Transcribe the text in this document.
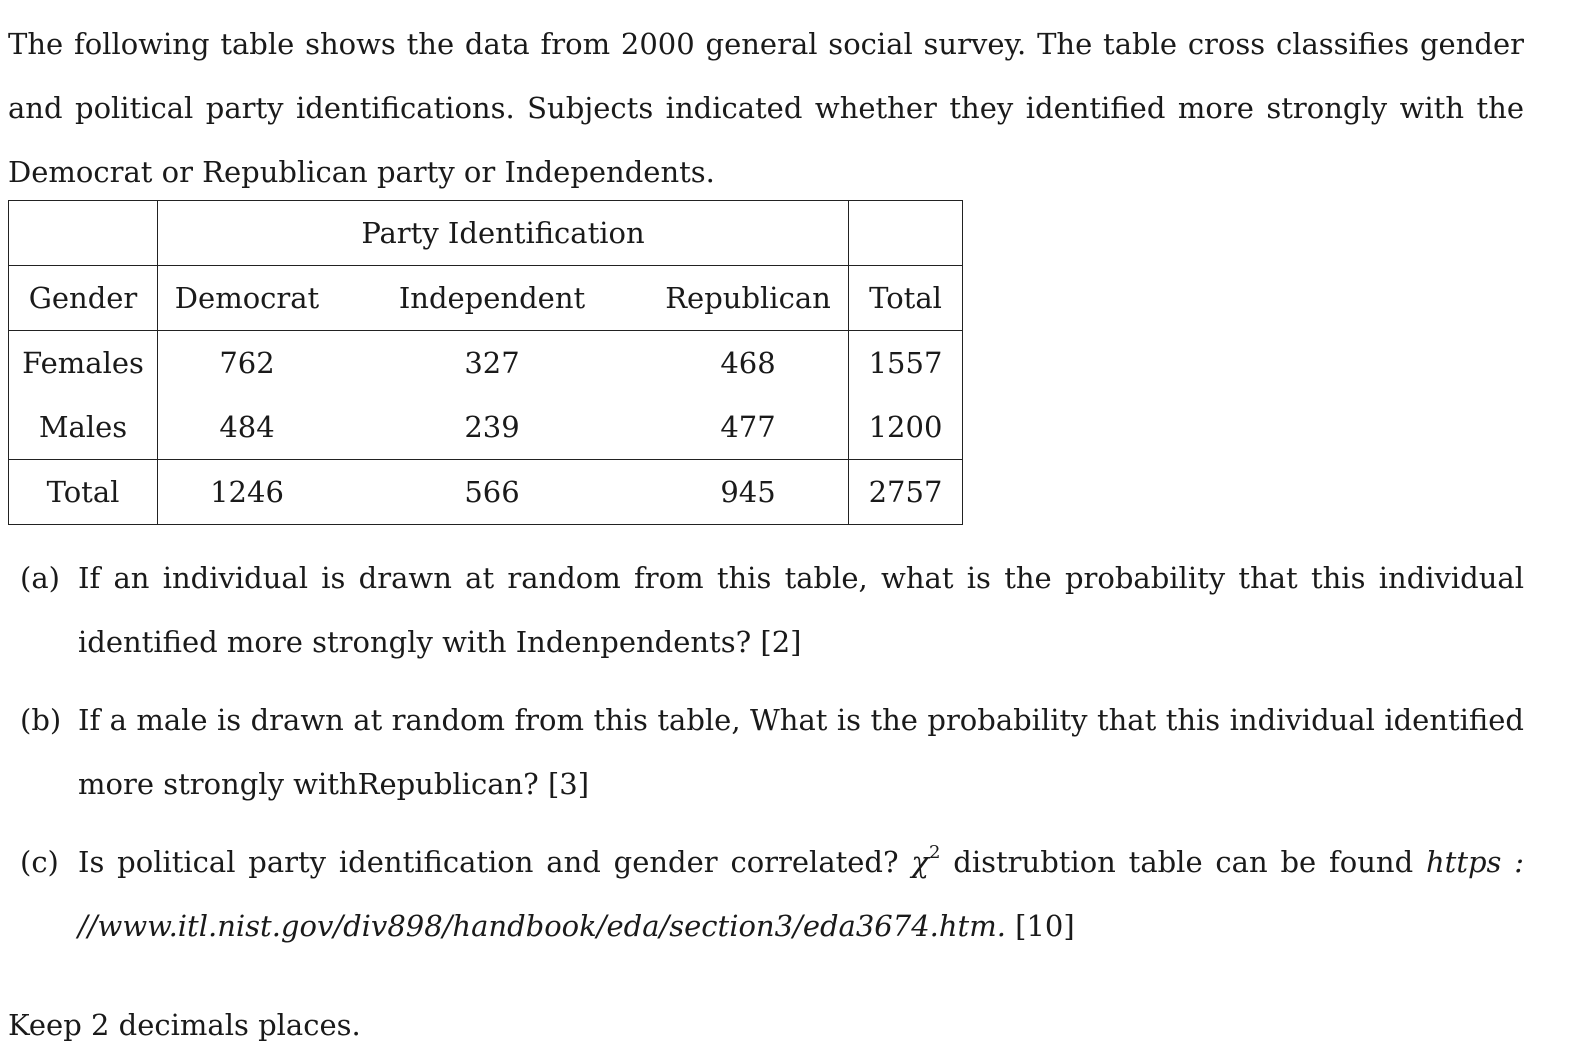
The following table shows the data from 2000 general social survey. The table cross classifies gender and political party identifications. Subjects indicated whether they identified more strongly with the Democrat or Republican party or Independents.

	Party Identification			
Gender	Democrat	Independent	Republican	Total
Females	762	327	468	1557
Males	484	239	477	1200
Total	1246	566	945	2757
(a) If an individual is drawn at random from this table, what is the probability that this individual identified more strongly with Indenpendents? [2]
(b) If a male is drawn at random from this table, What is the probability that this individual identified more strongly withRepublican? [3]
(c) Is political party identification and gender correlated? $\chi^2$ distrubtion table can be found https : //www.itl.nist.gov/div898/handbook/eda/section3/eda3674.htm. [10]
Keep 2 decimals places.
